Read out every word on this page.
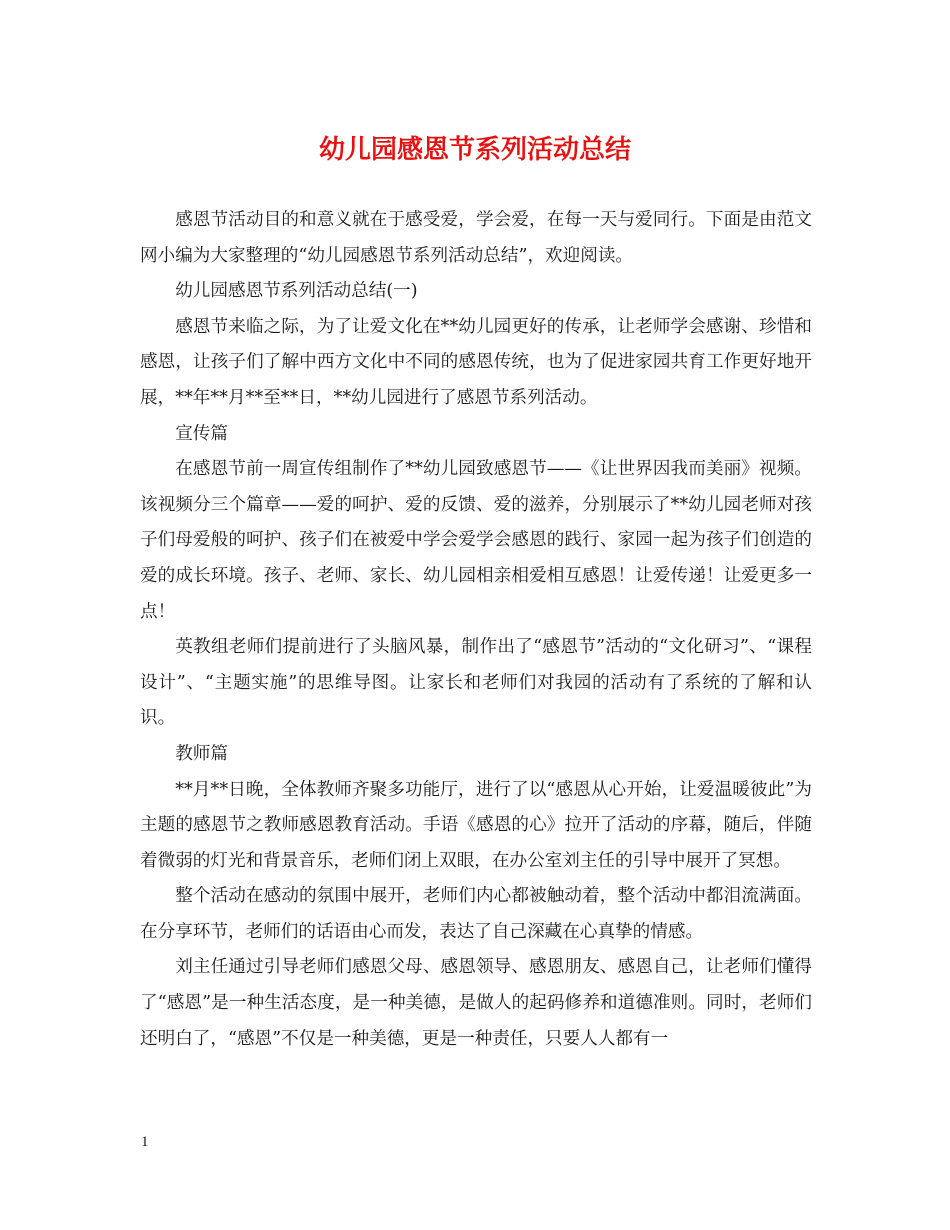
幼儿园感恩节系列活动总结

感恩节活动目的和意义就在于感受爱，学会爱，在每一天与爱同行。下面是由范文网小编为大家整理的“幼儿园感恩节系列活动总结”，欢迎阅读。

幼儿园感恩节系列活动总结(一)

感恩节来临之际，为了让爱文化在**幼儿园更好的传承，让老师学会感谢、珍惜和感恩，让孩子们了解中西方文化中不同的感恩传统，也为了促进家园共育工作更好地开展，**年**月**至**日，**幼儿园进行了感恩节系列活动。

宣传篇

在感恩节前一周宣传组制作了**幼儿园致感恩节——《让世界因我而美丽》视频。该视频分三个篇章——爱的呵护、爱的反馈、爱的滋养，分别展示了**幼儿园老师对孩子们母爱般的呵护、孩子们在被爱中学会爱学会感恩的践行、家园一起为孩子们创造的爱的成长环境。孩子、老师、家长、幼儿园相亲相爱相互感恩！让爱传递！让爱更多一点！

英教组老师们提前进行了头脑风暴，制作出了“感恩节”活动的“文化研习”、“课程设计”、“主题实施”的思维导图。让家长和老师们对我园的活动有了系统的了解和认识。

教师篇

**月**日晚，全体教师齐聚多功能厅，进行了以“感恩从心开始，让爱温暖彼此”为主题的感恩节之教师感恩教育活动。手语《感恩的心》拉开了活动的序幕，随后，伴随着微弱的灯光和背景音乐，老师们闭上双眼，在办公室刘主任的引导中展开了冥想。

整个活动在感动的氛围中展开，老师们内心都被触动着，整个活动中都泪流满面。在分享环节，老师们的话语由心而发，表达了自己深藏在心真挚的情感。

刘主任通过引导老师们感恩父母、感恩领导、感恩朋友、感恩自己，让老师们懂得了“感恩”是一种生活态度，是一种美德，是做人的起码修养和道德准则。同时，老师们还明白了，“感恩”不仅是一种美德，更是一种责任，只要人人都有一

1
